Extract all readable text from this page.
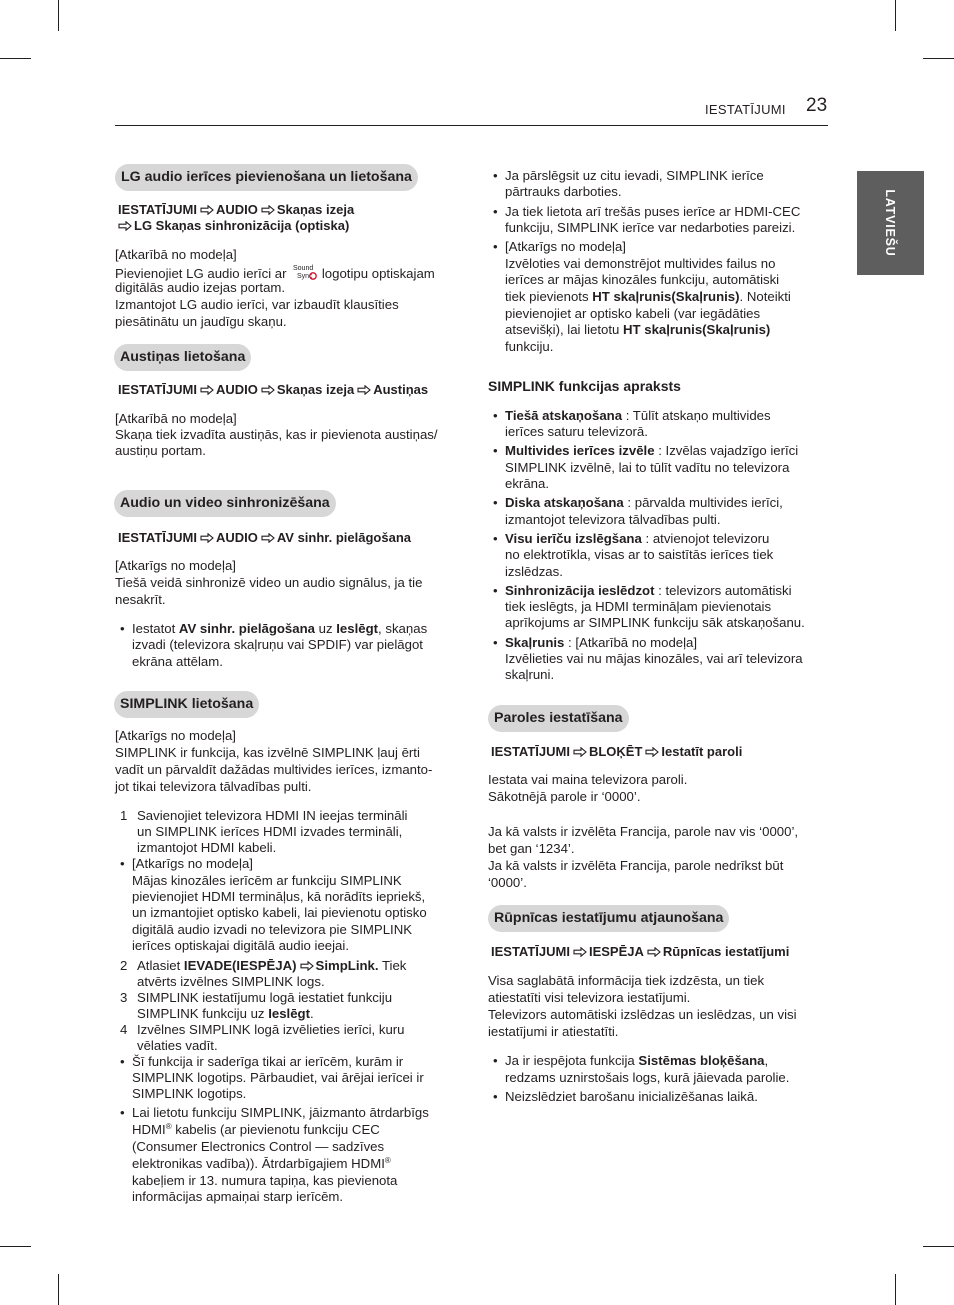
IESTATĪJUMI 23
LATVIEŠU
LG audio ierīces pievienošana un lietošana
IESTATĪJUMI AUDIO Skaņas izeja
LG Skaņas sinhronizācija (optiska)
[Atkarībā no modeļa]
Pievienojiet LG audio ierīci ar Sound
Sync logotipu optiskajam
digitālās audio izejas portam.
Izmantojot LG audio ierīci, var izbaudīt klausīties
piesātinātu un jaudīgu skaņu.
Austiņas lietošana
IESTATĪJUMI AUDIO Skaņas izeja Austiņas
[Atkarībā no modeļa]
Skaņa tiek izvadīta austiņās, kas ir pievienota austiņas/
austiņu portam.
Audio un video sinhronizēšana
IESTATĪJUMI AUDIO AV sinhr. pielāgošana
[Atkarīgs no modeļa]
Tiešā veidā sinhronizē video un audio signālus, ja tie
nesakrīt.
• Iestatot AV sinhr. pielāgošana uz Ieslēgt, skaņas
izvadi (televizora skaļruņu vai SPDIF) var pielāgot
ekrāna attēlam.
SIMPLINK lietošana
[Atkarīgs no modeļa]
SIMPLINK ir funkcija, kas izvēlnē SIMPLINK ļauj ērti
vadīt un pārvaldīt dažādas multivides ierīces, izmanto-
jot tikai televizora tālvadības pulti.
1 Savienojiet televizora HDMI IN ieejas termināli
un SIMPLINK ierīces HDMI izvades termināli,
izmantojot HDMI kabeli.
• [Atkarīgs no modeļa]
Mājas kinozāles ierīcēm ar funkciju SIMPLINK
pievienojiet HDMI termināļus, kā norādīts iepriekš,
un izmantojiet optisko kabeli, lai pievienotu optisko
digitālā audio izvadi no televizora pie SIMPLINK
ierīces optiskajai digitālā audio ieejai.
2 Atlasiet IEVADE(IESPĒJA) SimpLink. Tiek
atvērts izvēlnes SIMPLINK logs.
3 SIMPLINK iestatījumu logā iestatiet funkciju
SIMPLINK funkciju uz Ieslēgt.
4 Izvēlnes SIMPLINK logā izvēlieties ierīci, kuru
vēlaties vadīt.
• Šī funkcija ir saderīga tikai ar ierīcēm, kurām ir
SIMPLINK logotips. Pārbaudiet, vai ārējai ierīcei ir
SIMPLINK logotips.
• Lai lietotu funkciju SIMPLINK, jāizmanto ātrdarbīgs
HDMI® kabelis (ar pievienotu funkciju CEC
(Consumer Electronics Control — sadzīves
elektronikas vadība)). Ātrdarbīgajiem HDMI®
kabeļiem ir 13. numura tapiņa, kas pievienota
informācijas apmaiņai starp ierīcēm.
• Ja pārslēgsit uz citu ievadi, SIMPLINK ierīce
pārtrauks darboties.
• Ja tiek lietota arī trešās puses ierīce ar HDMI-CEC
funkciju, SIMPLINK ierīce var nedarboties pareizi.
• [Atkarīgs no modeļa]
Izvēloties vai demonstrējot multivides failus no
ierīces ar mājas kinozāles funkciju, automātiski
tiek pievienots HT skaļrunis(Skaļrunis). Noteikti
pievienojiet ar optisko kabeli (var iegādāties
atsevišķi), lai lietotu HT skaļrunis(Skaļrunis)
funkciju.
SIMPLINK funkcijas apraksts
• Tiešā atskaņošana : Tūlīt atskaņo multivides
ierīces saturu televizorā.
• Multivides ierīces izvēle : Izvēlas vajadzīgo ierīci
SIMPLINK izvēlnē, lai to tūlīt vadītu no televizora
ekrāna.
• Diska atskaņošana : pārvalda multivides ierīci,
izmantojot televizora tālvadības pulti.
• Visu ierīču izslēgšana : atvienojot televizoru
no elektrotīkla, visas ar to saistītās ierīces tiek
izslēdzas.
• Sinhronizācija ieslēdzot : televizors automātiski
tiek ieslēgts, ja HDMI termināļam pievienotais
aprīkojums ar SIMPLINK funkciju sāk atskaņošanu.
• Skaļrunis : [Atkarībā no modeļa]
Izvēlieties vai nu mājas kinozāles, vai arī televizora
skaļruni.
Paroles iestatīšana
IESTATĪJUMI BLOĶĒT Iestatīt paroli
Iestata vai maina televizora paroli.
Sākotnējā parole ir ‘0000’.
Ja kā valsts ir izvēlēta Francija, parole nav vis ‘0000’,
bet gan ‘1234’.
Ja kā valsts ir izvēlēta Francija, parole nedrīkst būt
‘0000’.
Rūpnīcas iestatījumu atjaunošana
IESTATĪJUMI IESPĒJA Rūpnīcas iestatījumi
Visa saglabātā informācija tiek izdzēsta, un tiek
atiestatīti visi televizora iestatījumi.
Televizors automātiski izslēdzas un ieslēdzas, un visi
iestatījumi ir atiestatīti.
• Ja ir iespējota funkcija Sistēmas bloķēšana,
redzams uznirstošais logs, kurā jāievada parolie.
• Neizslēdziet barošanu inicializēšanas laikā.
